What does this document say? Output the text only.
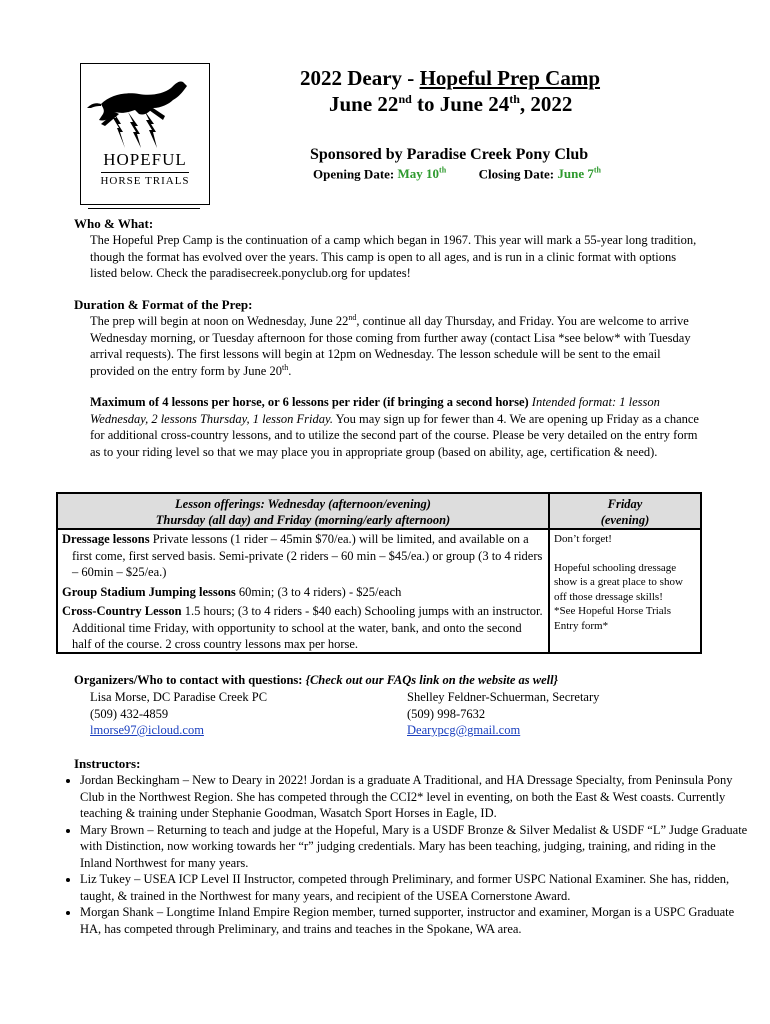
HOPEFUL
HORSE TRIALS
2022 Deary - Hopeful Prep Camp
June 22nd to June 24th, 2022
Sponsored by Paradise Creek Pony Club
Opening Date: May 10th	Closing Date: June 7th
Who & What:
The Hopeful Prep Camp is the continuation of a camp which began in 1967. This year will mark a 55-year long tradition, though the format has evolved over the years. This camp is open to all ages, and is run in a clinic format with options listed below. Check the paradisecreek.ponyclub.org for updates!
Duration & Format of the Prep:
The prep will begin at noon on Wednesday, June 22nd, continue all day Thursday, and Friday. You are welcome to arrive Wednesday morning, or Tuesday afternoon for those coming from further away (contact Lisa *see below* with Tuesday arrival requests). The first lessons will begin at 12pm on Wednesday. The lesson schedule will be sent to the email provided on the entry form by June 20th.
Maximum of 4 lessons per horse, or 6 lessons per rider (if bringing a second horse) Intended format: 1 lesson Wednesday, 2 lessons Thursday, 1 lesson Friday. You may sign up for fewer than 4. We are opening up Friday as a chance for additional cross-country lessons, and to utilize the second part of the course. Please be very detailed on the entry form as to your riding level so that we may place you in appropriate group (based on ability, age, certification & need).
Lesson offerings: Wednesday (afternoon/evening)
Thursday (all day) and Friday (morning/early afternoon)
Friday
(evening)
Dressage lessons Private lessons (1 rider – 45min $70/ea.) will be limited, and available on a first come, first served basis. Semi-private (2 riders – 60 min – $45/ea.) or group (3 to 4 riders – 60min – $25/ea.)
Group Stadium Jumping lessons 60min; (3 to 4 riders) - $25/each
Cross-Country Lesson 1.5 hours; (3 to 4 riders - $40 each) Schooling jumps with an instructor. Additional time Friday, with opportunity to school at the water, bank, and onto the second half of the course. 2 cross country lessons max per horse.
Don’t forget!
Hopeful schooling dressage show is a great place to show off those dressage skills!
*See Hopeful Horse Trials Entry form*
Organizers/Who to contact with questions: {Check out our FAQs link on the website as well}
Lisa Morse, DC Paradise Creek PC
(509) 432-4859
lmorse97@icloud.com
Shelley Feldner-Schuerman, Secretary
(509) 998-7632
Dearypcg@gmail.com
Instructors:
• Jordan Beckingham – New to Deary in 2022! Jordan is a graduate A Traditional, and HA Dressage Specialty, from Peninsula Pony Club in the Northwest Region. She has competed through the CCI2* level in eventing, on both the East & West coasts. Currently teaching & training under Stephanie Goodman, Wasatch Sport Horses in Eagle, ID.
• Mary Brown – Returning to teach and judge at the Hopeful, Mary is a USDF Bronze & Silver Medalist & USDF “L” Judge Graduate with Distinction, now working towards her “r” judging credentials. Mary has been teaching, judging, training, and riding in the Inland Northwest for many years.
• Liz Tukey – USEA ICP Level II Instructor, competed through Preliminary, and former USPC National Examiner. She has, ridden, taught, & trained in the Northwest for many years, and recipient of the USEA Cornerstone Award.
• Morgan Shank – Longtime Inland Empire Region member, turned supporter, instructor and examiner, Morgan is a USPC Graduate HA, has competed through Preliminary, and trains and teaches in the Spokane, WA area.
